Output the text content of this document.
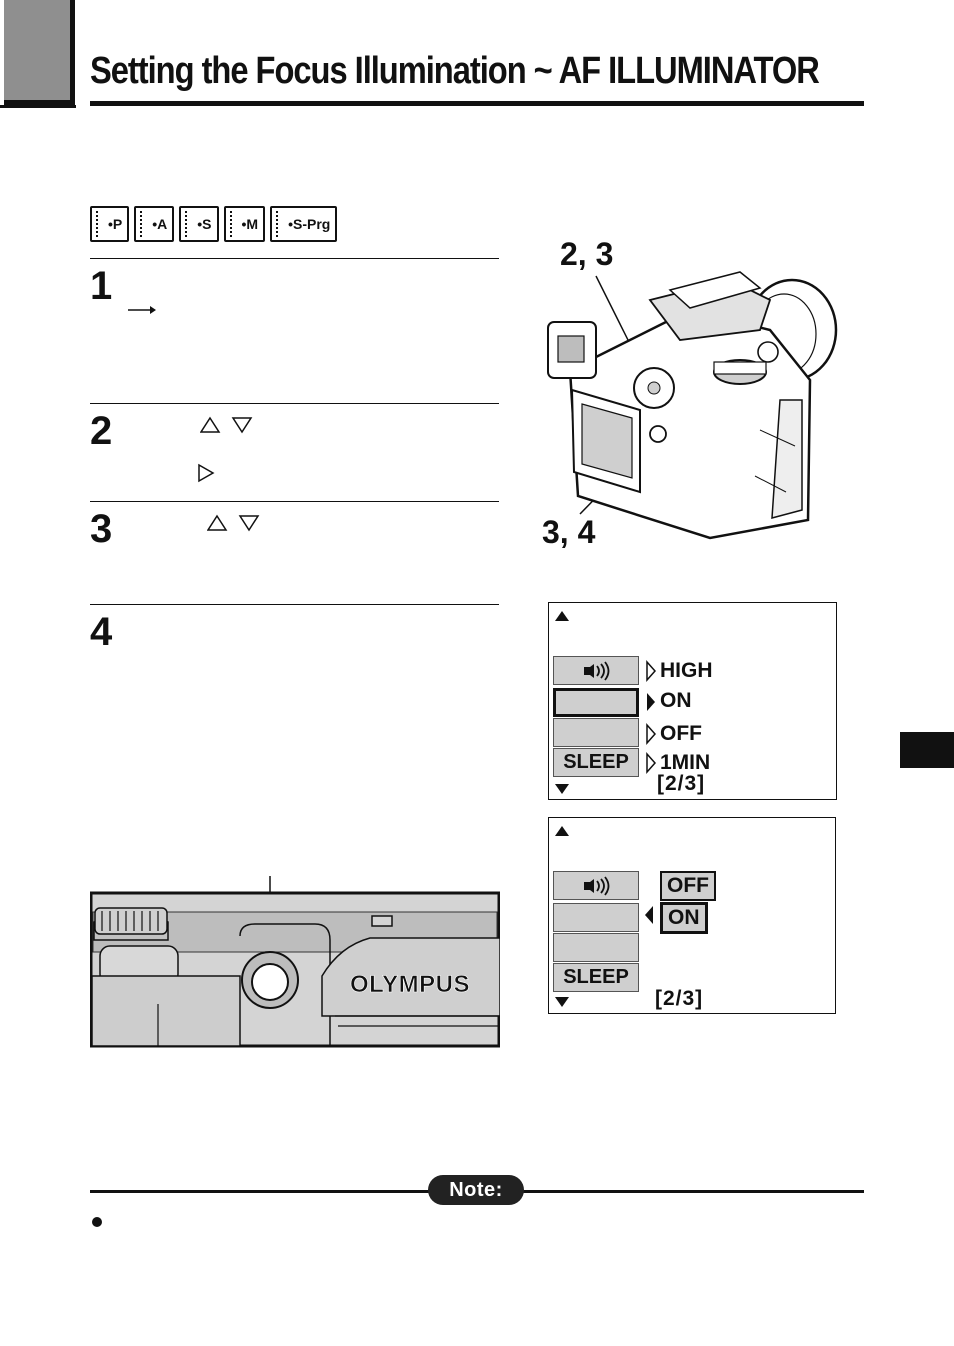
Setting the Focus Illumination ~ AF ILLUMINATOR
•P •A •S •M •S-Prg
1
2
3
4
OLYMPUS
2, 3
3, 4
SLEEP
HIGH
ON
OFF
1MIN
[2/3]
SLEEP
OFF
ON
[2/3]
Note:
